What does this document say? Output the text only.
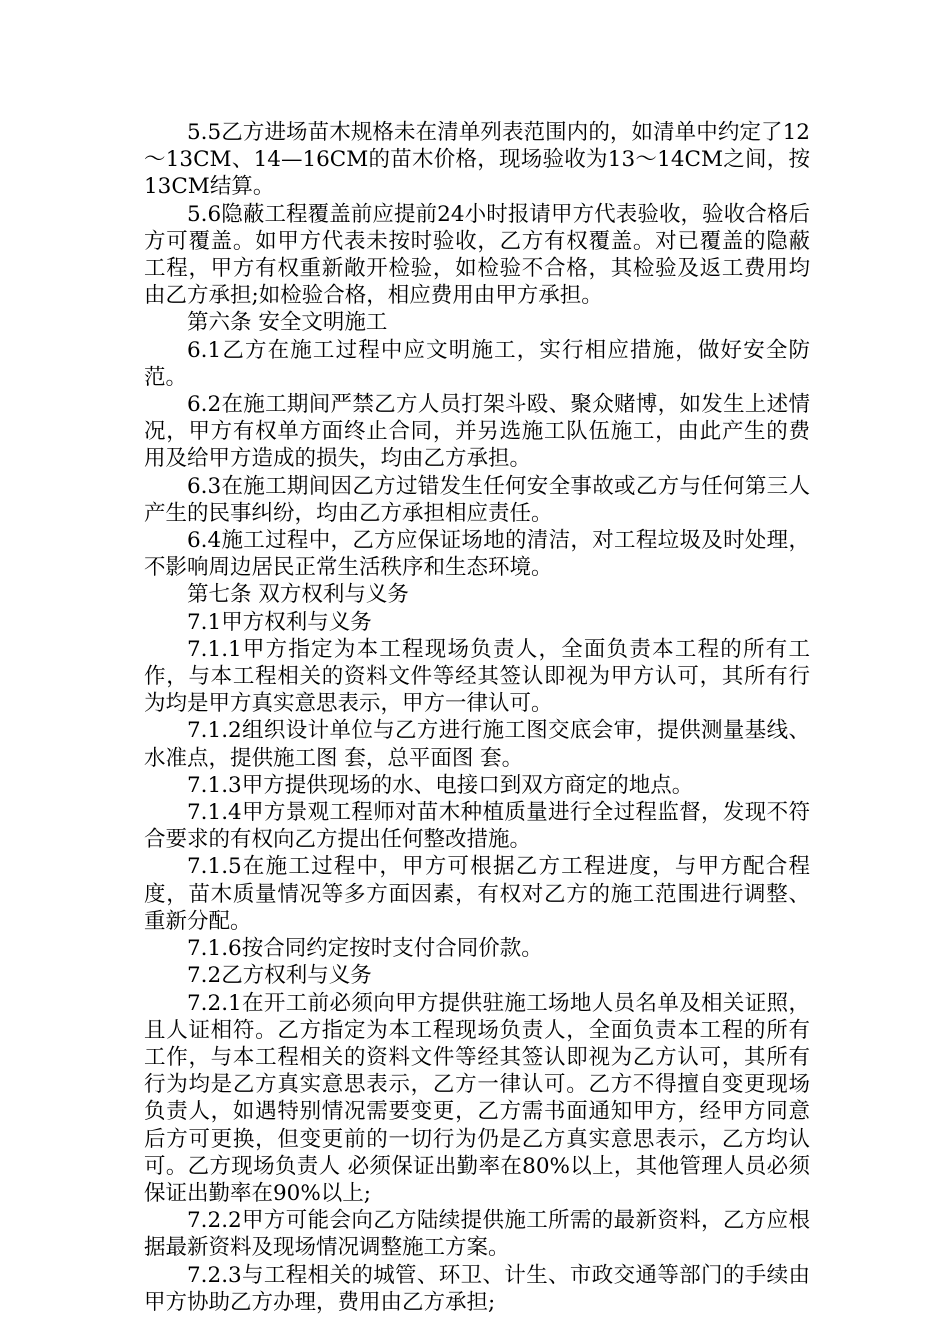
5.5乙方进场苗木规格未在清单列表范围内的，如清单中约定了12～13CM、14—16CM的苗木价格，现场验收为13～14CM之间，按13CM结算。

5.6隐蔽工程覆盖前应提前24小时报请甲方代表验收，验收合格后方可覆盖。如甲方代表未按时验收，乙方有权覆盖。对已覆盖的隐蔽工程，甲方有权重新敞开检验，如检验不合格，其检验及返工费用均由乙方承担;如检验合格，相应费用由甲方承担。

第六条 安全文明施工

6.1乙方在施工过程中应文明施工，实行相应措施，做好安全防范。

6.2在施工期间严禁乙方人员打架斗殴、聚众赌博，如发生上述情况，甲方有权单方面终止合同，并另选施工队伍施工，由此产生的费用及给甲方造成的损失，均由乙方承担。

6.3在施工期间因乙方过错发生任何安全事故或乙方与任何第三人产生的民事纠纷，均由乙方承担相应责任。

6.4施工过程中，乙方应保证场地的清洁，对工程垃圾及时处理，不影响周边居民正常生活秩序和生态环境。

第七条 双方权利与义务

7.1甲方权利与义务

7.1.1甲方指定为本工程现场负责人，全面负责本工程的所有工作，与本工程相关的资料文件等经其签认即视为甲方认可，其所有行为均是甲方真实意思表示，甲方一律认可。

7.1.2组织设计单位与乙方进行施工图交底会审，提供测量基线、水准点，提供施工图 套，总平面图 套。

7.1.3甲方提供现场的水、电接口到双方商定的地点。

7.1.4甲方景观工程师对苗木种植质量进行全过程监督，发现不符合要求的有权向乙方提出任何整改措施。

7.1.5在施工过程中，甲方可根据乙方工程进度，与甲方配合程度，苗木质量情况等多方面因素，有权对乙方的施工范围进行调整、重新分配。

7.1.6按合同约定按时支付合同价款。

7.2乙方权利与义务

7.2.1在开工前必须向甲方提供驻施工场地人员名单及相关证照，且人证相符。乙方指定为本工程现场负责人，全面负责本工程的所有工作，与本工程相关的资料文件等经其签认即视为乙方认可，其所有行为均是乙方真实意思表示，乙方一律认可。乙方不得擅自变更现场负责人，如遇特别情况需要变更，乙方需书面通知甲方，经甲方同意后方可更换，但变更前的一切行为仍是乙方真实意思表示，乙方均认可。乙方现场负责人 必须保证出勤率在80%以上，其他管理人员必须保证出勤率在90%以上;

7.2.2甲方可能会向乙方陆续提供施工所需的最新资料，乙方应根据最新资料及现场情况调整施工方案。

7.2.3与工程相关的城管、环卫、计生、市政交通等部门的手续由甲方协助乙方办理，费用由乙方承担;
